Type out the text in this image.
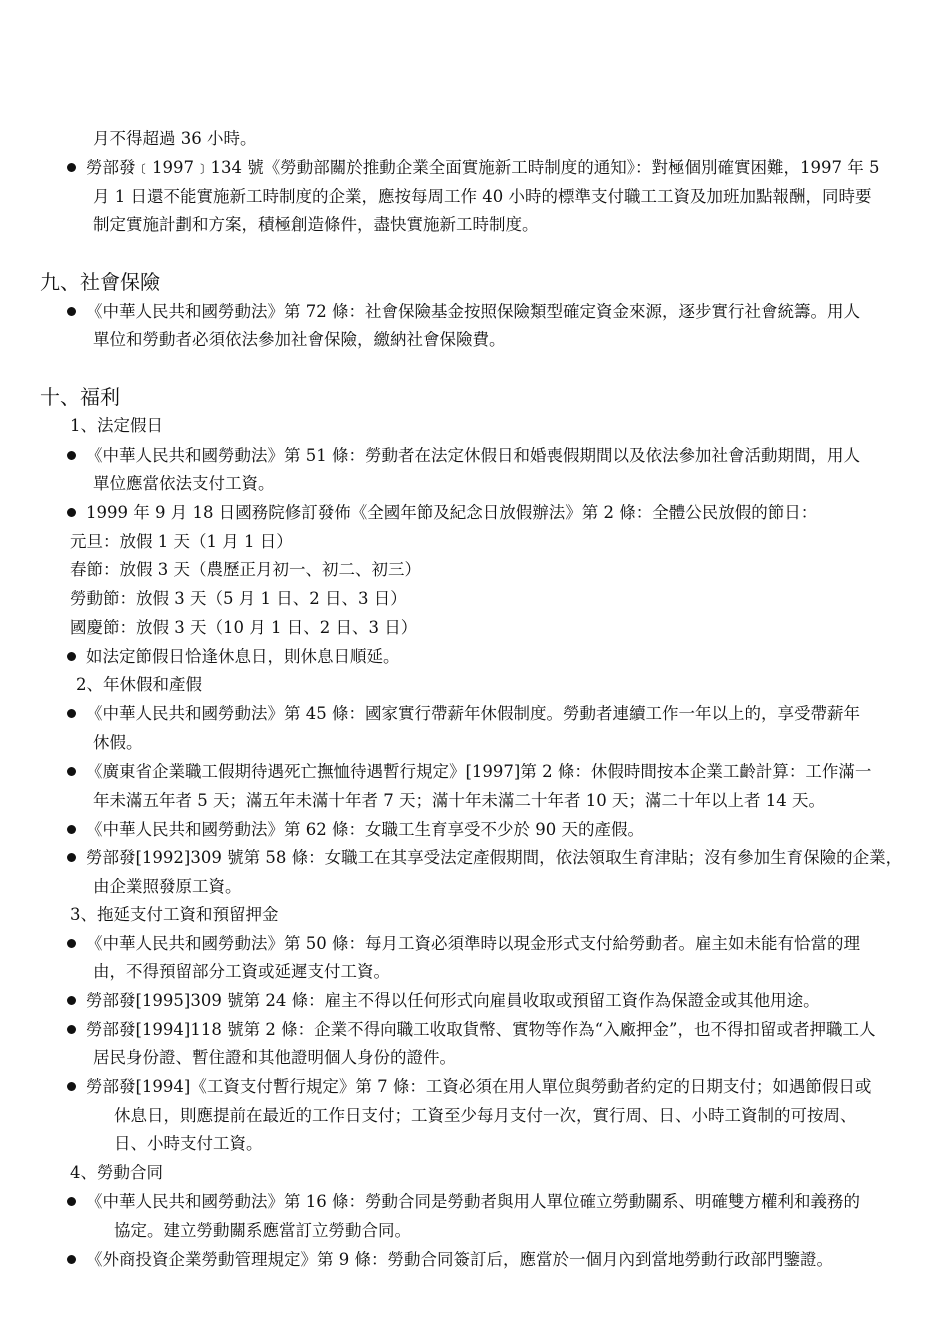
月不得超過 36 小時。
勞部發﹝1997﹞134 號《勞動部關於推動企業全面實施新工時制度的通知》：對極個別確實困難，1997 年 5
月 1 日還不能實施新工時制度的企業，應按每周工作 40 小時的標準支付職工工資及加班加點報酬，同時要
制定實施計劃和方案，積極創造條件，盡快實施新工時制度。
九、社會保險
《中華人民共和國勞動法》第 72 條：社會保險基金按照保險類型確定資金來源，逐步實行社會統籌。用人
單位和勞動者必須依法參加社會保險，繳納社會保險費。
十、福利
1、法定假日
《中華人民共和國勞動法》第 51 條：勞動者在法定休假日和婚喪假期間以及依法參加社會活動期間，用人
單位應當依法支付工資。
1999 年 9 月 18 日國務院修訂發佈《全國年節及紀念日放假辦法》第 2 條：全體公民放假的節日：
元旦：放假 1 天（1 月 1 日）
春節：放假 3 天（農歷正月初一、初二、初三）
勞動節：放假 3 天（5 月 1 日、2 日、3 日）
國慶節：放假 3 天（10 月 1 日、2 日、3 日）
如法定節假日恰逢休息日，則休息日順延。
2、年休假和產假
《中華人民共和國勞動法》第 45 條：國家實行帶薪年休假制度。勞動者連續工作一年以上的，享受帶薪年
休假。
《廣東省企業職工假期待遇死亡撫恤待遇暫行規定》[1997]第 2 條：休假時間按本企業工齡計算：工作滿一
年未滿五年者 5 天；滿五年未滿十年者 7 天；滿十年未滿二十年者 10 天；滿二十年以上者 14 天。
《中華人民共和國勞動法》第 62 條：女職工生育享受不少於 90 天的產假。
勞部發[1992]309 號第 58 條：女職工在其享受法定產假期間，依法領取生育津貼；沒有參加生育保險的企業，
由企業照發原工資。
3、拖延支付工資和預留押金
《中華人民共和國勞動法》第 50 條：每月工資必須準時以現金形式支付給勞動者。雇主如未能有恰當的理
由，不得預留部分工資或延遲支付工資。
勞部發[1995]309 號第 24 條：雇主不得以任何形式向雇員收取或預留工資作為保證金或其他用途。
勞部發[1994]118 號第 2 條：企業不得向職工收取貨幣、實物等作為“入廠押金”，也不得扣留或者押職工人
居民身份證、暫住證和其他證明個人身份的證件。
勞部發[1994]《工資支付暫行規定》第 7 條：工資必須在用人單位與勞動者約定的日期支付；如遇節假日或
休息日，則應提前在最近的工作日支付；工資至少每月支付一次，實行周、日、小時工資制的可按周、
日、小時支付工資。
4、勞動合同
《中華人民共和國勞動法》第 16 條：勞動合同是勞動者與用人單位確立勞動關系、明確雙方權利和義務的
協定。建立勞動關系應當訂立勞動合同。
《外商投資企業勞動管理規定》第 9 條：勞動合同簽訂后，應當於一個月內到當地勞動行政部門鑒證。
